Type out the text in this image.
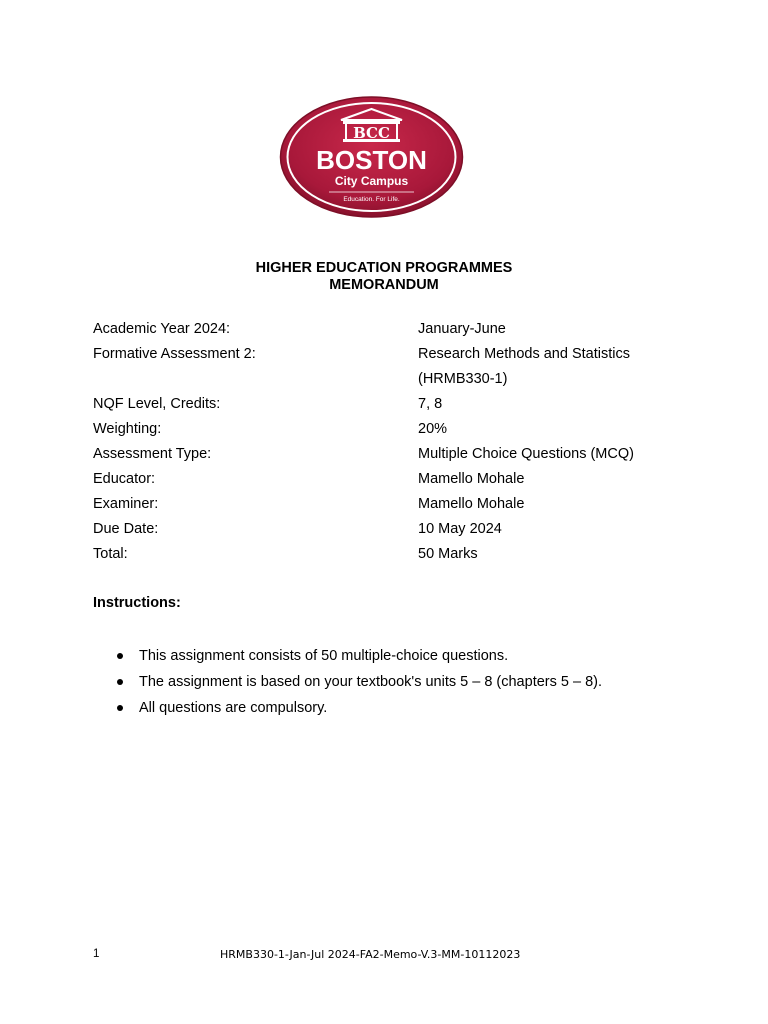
BCC
BOSTON
City Campus
Education. For Life.
HIGHER EDUCATION PROGRAMMES
MEMORANDUM
Academic Year 2024:	January-June
Formative Assessment 2:	Research Methods and Statistics
(HRMB330-1)
NQF Level, Credits:	7, 8
Weighting:	20%
Assessment Type:	Multiple Choice Questions (MCQ)
Educator:	Mamello Mohale
Examiner:	Mamello Mohale
Due Date:	10 May 2024
Total:	50 Marks
Instructions:
This assignment consists of 50 multiple-choice questions.
The assignment is based on your textbook's units 5 – 8 (chapters 5 – 8).
All questions are compulsory.
1	HRMB330-1-Jan-Jul 2024-FA2-Memo-V.3-MM-10112023
